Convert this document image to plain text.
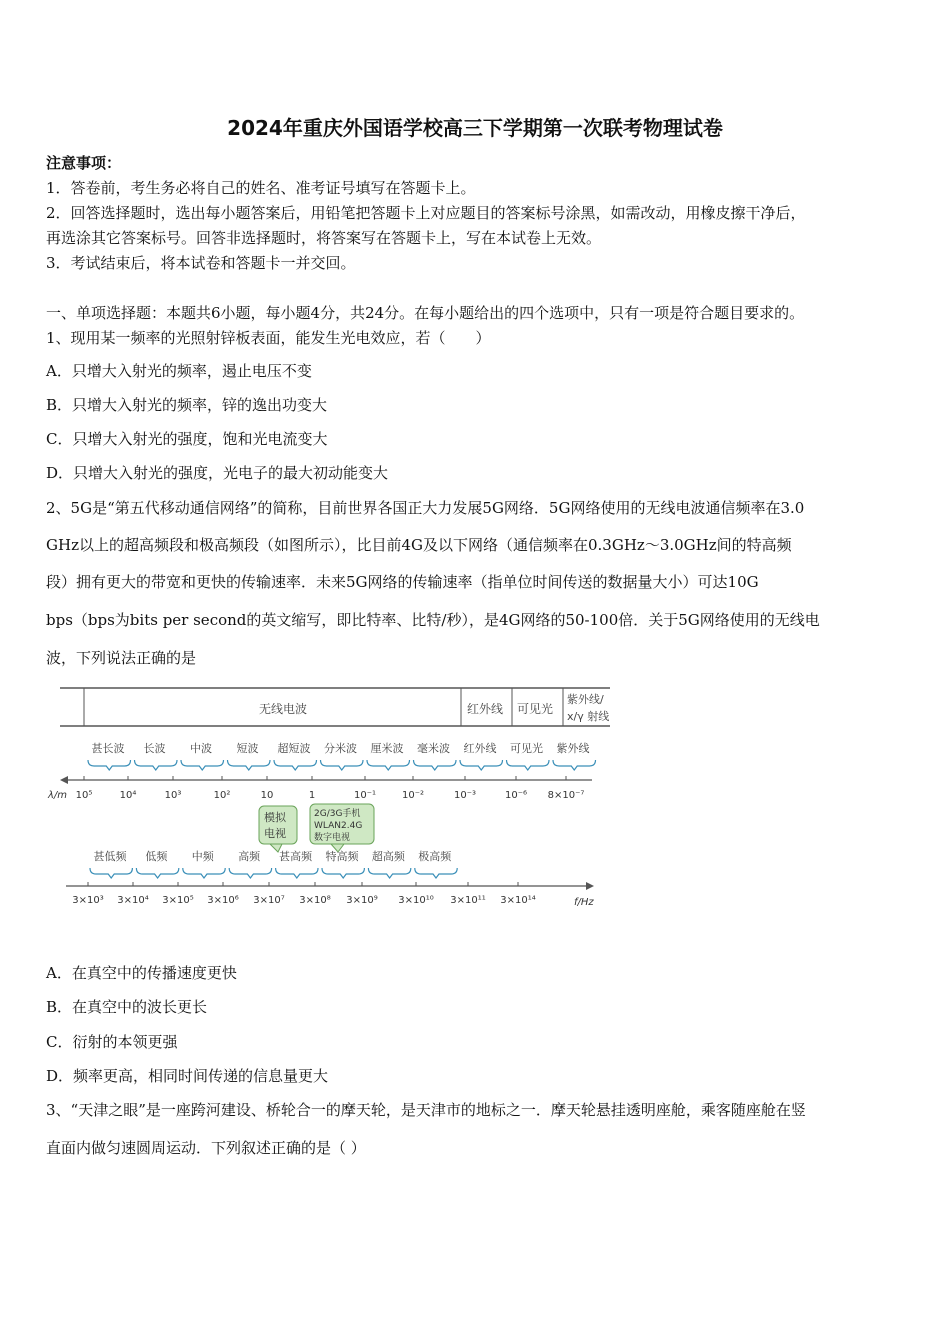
2024年重庆外国语学校高三下学期第一次联考物理试卷
注意事项：
1．答卷前，考生务必将自己的姓名、准考证号填写在答题卡上。
2．回答选择题时，选出每小题答案后，用铅笔把答题卡上对应题目的答案标号涂黑，如需改动，用橡皮擦干净后，
再选涂其它答案标号。回答非选择题时，将答案写在答题卡上，写在本试卷上无效。
3．考试结束后，将本试卷和答题卡一并交回。
一、单项选择题：本题共6小题，每小题4分，共24分。在每小题给出的四个选项中，只有一项是符合题目要求的。
1、现用某一频率的光照射锌板表面，能发生光电效应，若（　　）
A．只增大入射光的频率，遏止电压不变
B．只增大入射光的频率，锌的逸出功变大
C．只增大入射光的强度，饱和光电流变大
D．只增大入射光的强度，光电子的最大初动能变大
2、5G是“第五代移动通信网络”的简称，目前世界各国正大力发展5G网络．5G网络使用的无线电波通信频率在3.0
GHz以上的超高频段和极高频段（如图所示），比目前4G及以下网络（通信频率在0.3GHz～3.0GHz间的特高频
段）拥有更大的带宽和更快的传输速率．未来5G网络的传输速率（指单位时间传送的数据量大小）可达10G
bps（bps为bits per second的英文缩写，即比特率、比特/秒），是4G网络的50-100倍．关于5G网络使用的无线电
波，下列说法正确的是
无线电波	红外线 可见光
紫外线/
x/γ 射线
甚长波 长波 中波 短波 超短波 分米波 厘米波 毫米波 红外线 可见光 紫外线
λ/m 10⁵	10⁴	10³	10²	10	1	10⁻¹	10⁻²	10⁻³	10⁻⁶ 8×10⁻⁷
模拟
电视
2G/3G手机
WLAN2.4G
数字电视
甚低频 低频 中频 高频 甚高频 特高频 超高频 极高频
f/Hz
3×10³ 3×10⁴ 3×10⁵ 3×10⁶ 3×10⁷ 3×10⁸ 3×10⁹ 3×10¹⁰ 3×10¹¹ 3×10¹⁴
A．在真空中的传播速度更快
B．在真空中的波长更长
C．衍射的本领更强
D．频率更高，相同时间传递的信息量更大
3、“天津之眼”是一座跨河建设、桥轮合一的摩天轮，是天津市的地标之一．摩天轮悬挂透明座舱，乘客随座舱在竖
直面内做匀速圆周运动．下列叙述正确的是（ ）
